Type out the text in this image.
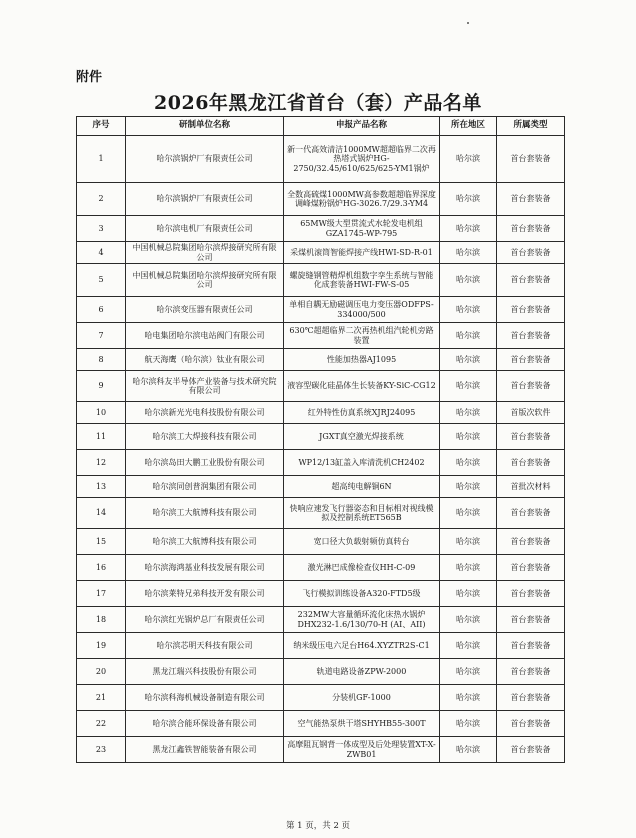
附件
2026年黑龙江省首台（套）产品名单
序号	研制单位名称	申报产品名称	所在地区	所属类型
1	哈尔滨锅炉厂有限责任公司	新一代高效清洁1000MW超超临界二次再热塔式锅炉HG-2750/32.45/610/625/625-YM1锅炉	哈尔滨	首台套装备
2	哈尔滨锅炉厂有限责任公司	全数高硫煤1000MW高参数超超临界深度调峰煤粉锅炉HG-3026.7/29.3-YM4	哈尔滨	首台套装备
3	哈尔滨电机厂有限责任公司	65MW级大型贯流式水轮发电机组GZA1745-WP-795	哈尔滨	首台套装备
4	中国机械总院集团哈尔滨焊接研究所有限公司	采煤机滚筒智能焊接产线HWI-SD-R-01	哈尔滨	首台套装备
5	中国机械总院集团哈尔滨焊接研究所有限公司	螺旋缝钢管精焊机组数字孪生系统与智能化成套装备HWI-FW-S-05	哈尔滨	首台套装备
6	哈尔滨变压器有限责任公司	单相自耦无励磁调压电力变压器ODFPS-334000/500	哈尔滨	首台套装备
7	哈电集团哈尔滨电站阀门有限公司	630℃超超临界二次再热机组汽轮机旁路装置	哈尔滨	首台套装备
8	航天海鹰（哈尔滨）钛业有限公司	性能加热器AJ1095	哈尔滨	首台套装备
9	哈尔滨科友半导体产业装备与技术研究院有限公司	液容型碳化硅晶体生长装备KY-SiC-CG12	哈尔滨	首台套装备
10	哈尔滨新光光电科技股份有限公司	红外特性仿真系统XJRJ24095	哈尔滨	首版次软件
11	哈尔滨工大焊接科技有限公司	JGXT真空激光焊接系统	哈尔滨	首台套装备
12	哈尔滨岛田大鹏工业股份有限公司	WP12/13缸盖入库清洗机CH2402	哈尔滨	首台套装备
13	哈尔滨同创普润集团有限公司	超高纯电解铜6N	哈尔滨	首批次材料
14	哈尔滨工大航博科技有限公司	快响应速发飞行器姿态和目标相对视线模拟及控制系统ET565B	哈尔滨	首台套装备
15	哈尔滨工大航博科技有限公司	宽口径大负载射频仿真转台	哈尔滨	首台套装备
16	哈尔滨海鸿基业科技发展有限公司	激光淋巴成像检查仪HH-C-09	哈尔滨	首台套装备
17	哈尔滨莱特兄弟科技开发有限公司	飞行模拟训练设备A320-FTD5级	哈尔滨	首台套装备
18	哈尔滨红光锅炉总厂有限责任公司	232MW大容量循环流化床热水锅炉DHX232-1.6/130/70-H (AI、AII)	哈尔滨	首台套装备
19	哈尔滨芯明天科技有限公司	纳米级压电六足台H64.XYZTR2S-C1	哈尔滨	首台套装备
20	黑龙江瑞兴科技股份有限公司	轨道电路设备ZPW-2000	哈尔滨	首台套装备
21	哈尔滨科海机械设备制造有限公司	分装机GF-1000	哈尔滨	首台套装备
22	哈尔滨合能环保设备有限公司	空气能热泵烘干塔SHYHB55-300T	哈尔滨	首台套装备
23	黑龙江鑫铁智能装备有限公司	高摩阻瓦钢背一体成型及后处理装置XT-X-ZWB01	哈尔滨	首台套装备
第 1 页，共 2 页
